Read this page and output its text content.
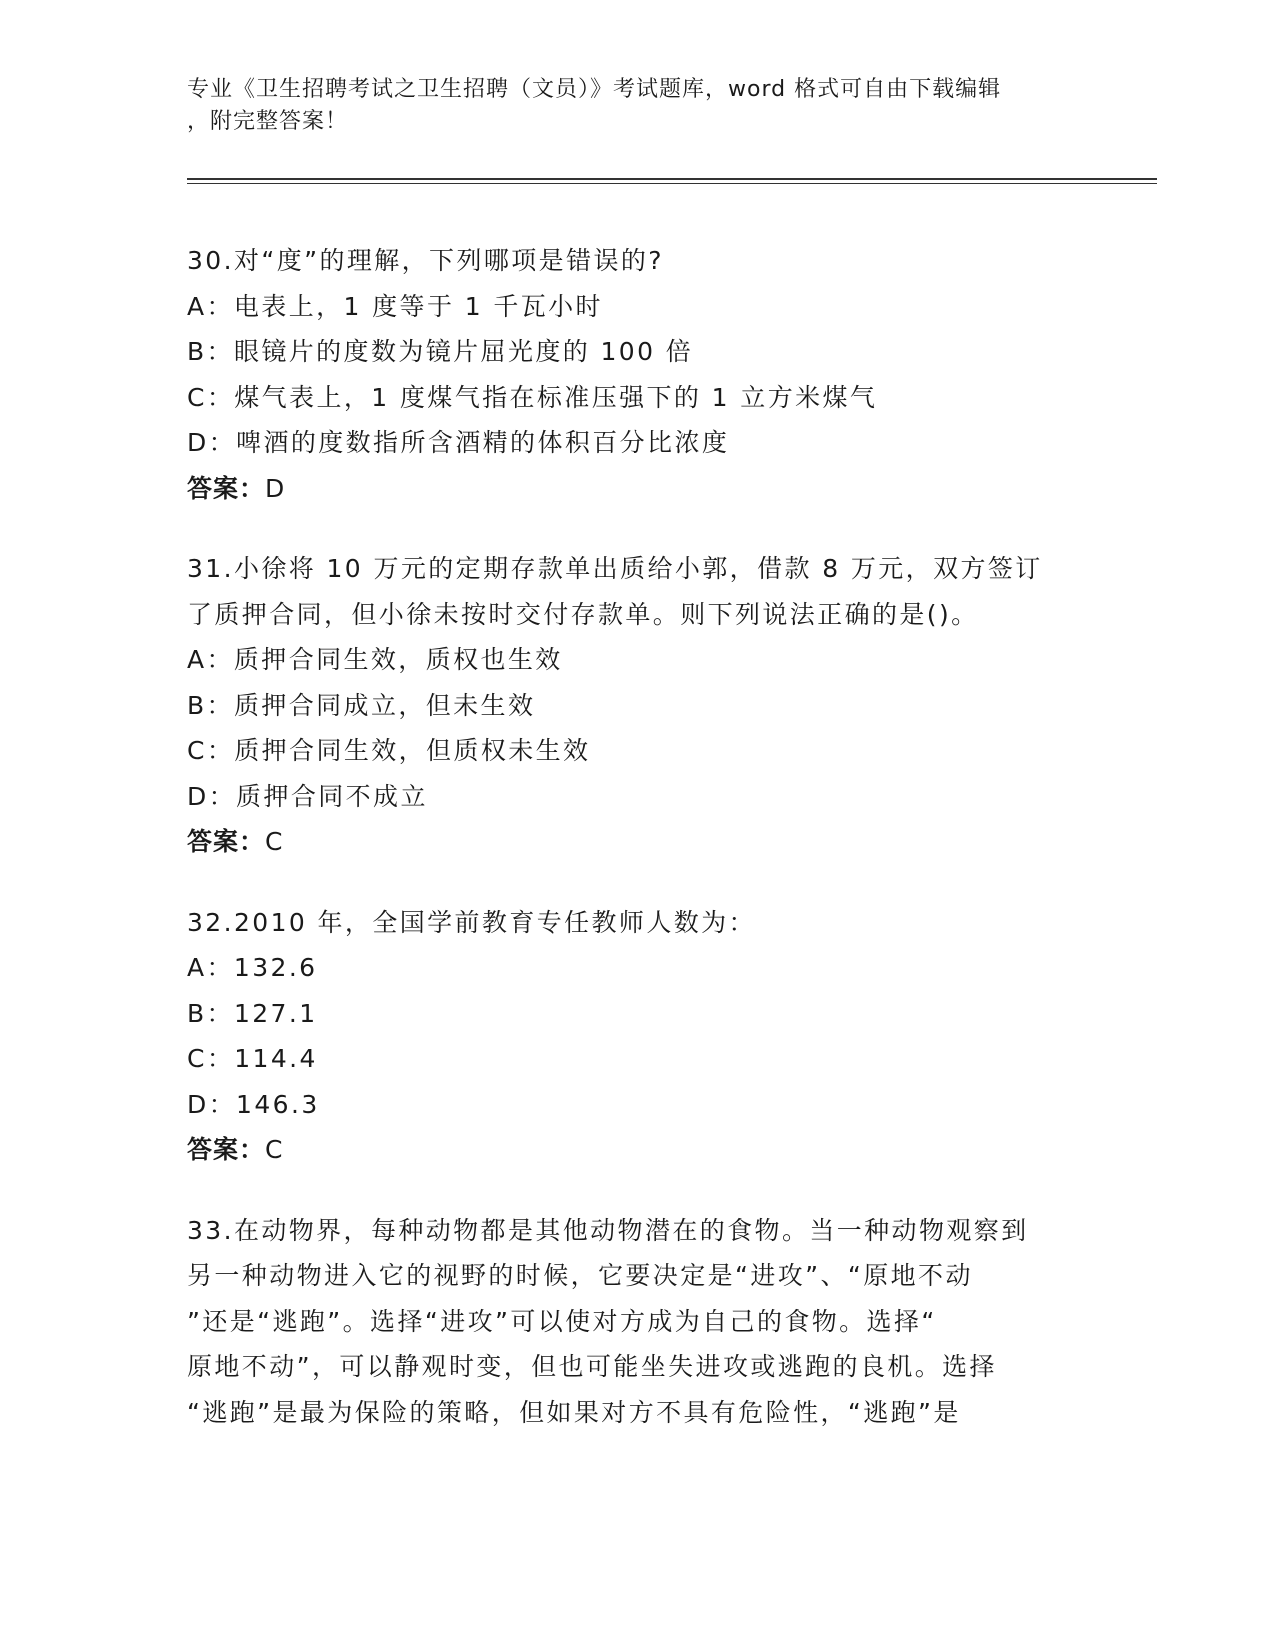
专业《卫生招聘考试之卫生招聘（文员）》考试题库，word 格式可自由下载编辑
，附完整答案！
30.对“度”的理解，下列哪项是错误的?
A：电表上，1 度等于 1 千瓦小时
B：眼镜片的度数为镜片屈光度的 100 倍
C：煤气表上，1 度煤气指在标准压强下的 1 立方米煤气
D：啤酒的度数指所含酒精的体积百分比浓度
答案：D
31.小徐将 10 万元的定期存款单出质给小郭，借款 8 万元，双方签订
了质押合同，但小徐未按时交付存款单。则下列说法正确的是()。
A：质押合同生效，质权也生效
B：质押合同成立，但未生效
C：质押合同生效，但质权未生效
D：质押合同不成立
答案：C
32.2010 年，全国学前教育专任教师人数为：
A：132.6
B：127.1
C：114.4
D：146.3
答案：C
33.在动物界，每种动物都是其他动物潜在的食物。当一种动物观察到
另一种动物进入它的视野的时候，它要决定是“进攻”、“原地不动
”还是“逃跑”。选择“进攻”可以使对方成为自己的食物。选择“
原地不动”，可以静观时变，但也可能坐失进攻或逃跑的良机。选择
“逃跑”是最为保险的策略，但如果对方不具有危险性，“逃跑”是
